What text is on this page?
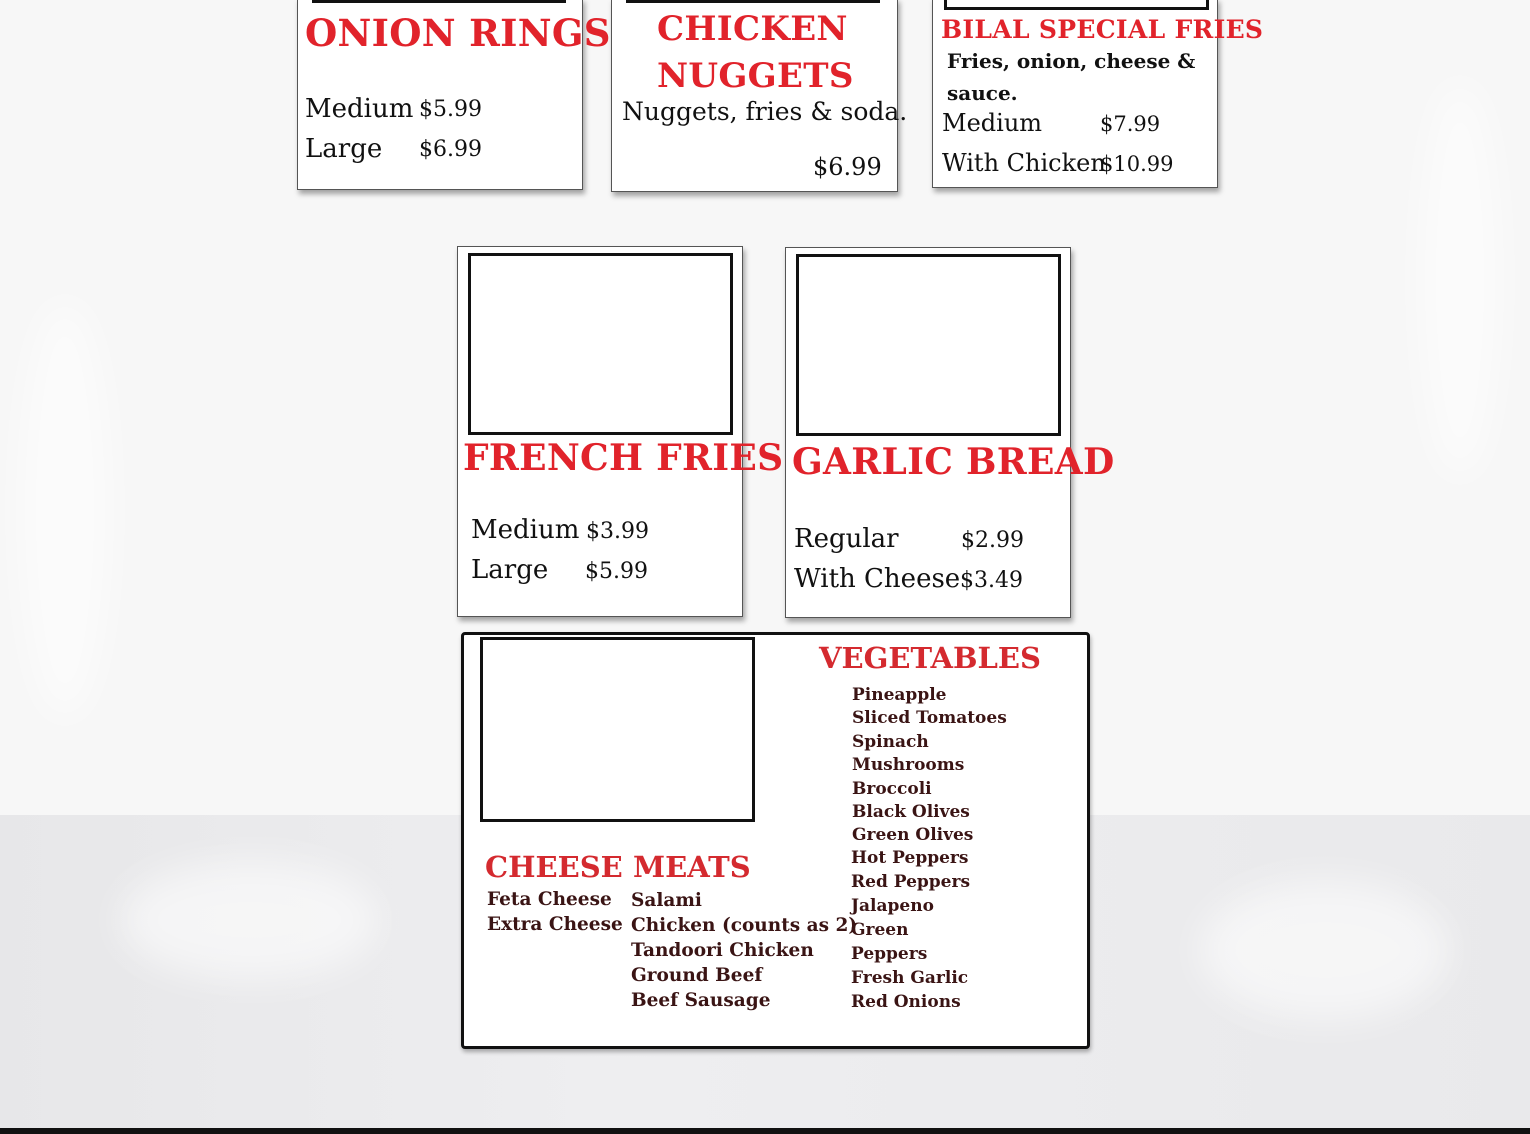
ONION RINGS
Medium $5.99
Large $6.99
CHICKEN
NUGGETS
Nuggets, fries & soda.
$6.99
BILAL SPECIAL FRIES
Fries, onion, cheese & sauce.
Medium	$7.99
With Chicken
$10.99
FRENCH FRIES
Medium $3.99
Large $5.99
GARLIC BREAD
Regular	$2.99
With Cheese $3.49
VEGETABLES
Pineapple
Sliced Tomatoes
Spinach
Mushrooms
Broccoli
Black Olives
Green Olives
Hot Peppers
Red Peppers
Jalapeno
Green
Peppers
Fresh Garlic
Red Onions
CHEESE
Feta Cheese
Extra Cheese
MEATS
Salami
Chicken (counts as 2)
Tandoori Chicken
Ground Beef
Beef Sausage
